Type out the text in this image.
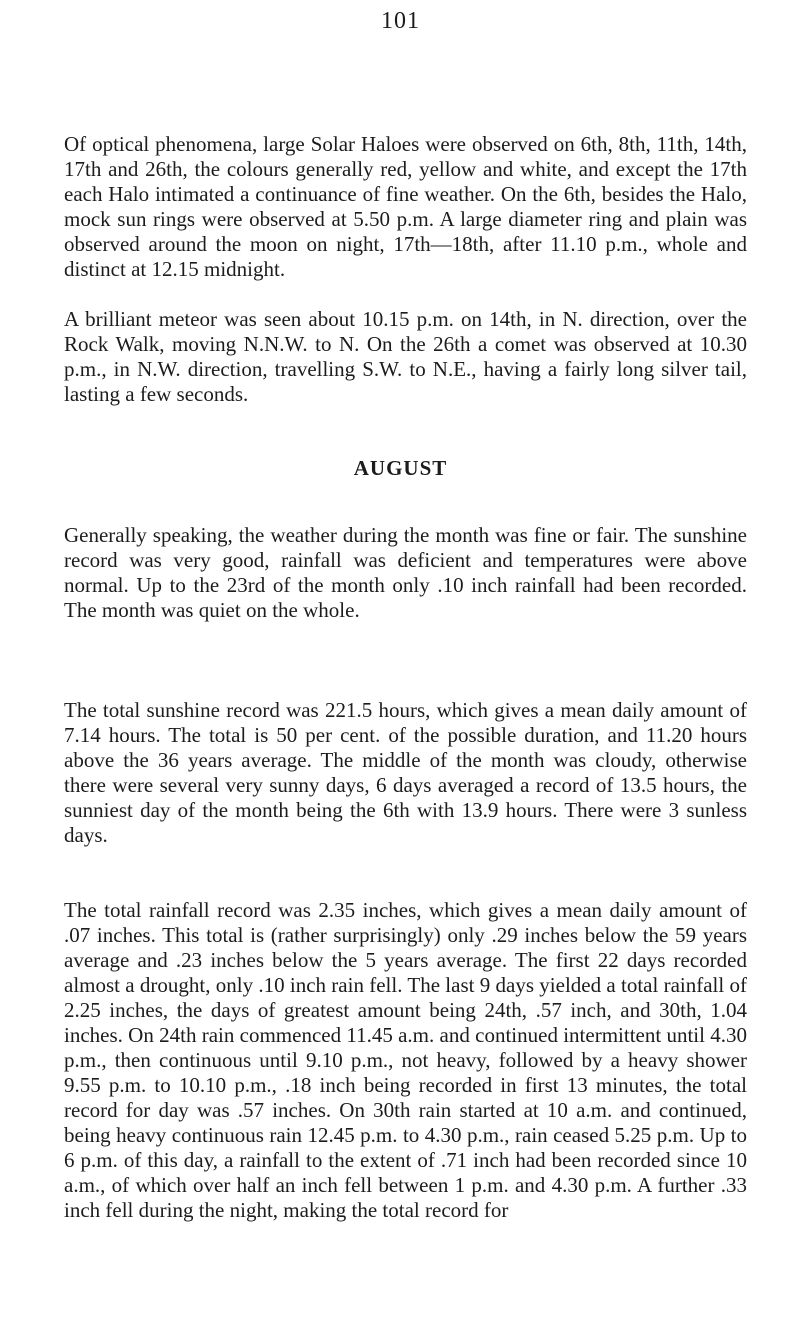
101

Of optical phenomena, large Solar Haloes were observed on 6th, 8th, 11th, 14th, 17th and 26th, the colours generally red, yellow and white, and except the 17th each Halo intimated a continuance of fine weather. On the 6th, besides the Halo, mock sun rings were observed at 5.50 p.m. A large diameter ring and plain was observed around the moon on night, 17th—18th, after 11.10 p.m., whole and distinct at 12.15 midnight.

A brilliant meteor was seen about 10.15 p.m. on 14th, in N. direction, over the Rock Walk, moving N.N.W. to N. On the 26th a comet was observed at 10.30 p.m., in N.W. direction, travelling S.W. to N.E., having a fairly long silver tail, lasting a few seconds.

AUGUST

Generally speaking, the weather during the month was fine or fair. The sunshine record was very good, rainfall was deficient and temperatures were above normal. Up to the 23rd of the month only .10 inch rainfall had been recorded. The month was quiet on the whole.

The total sunshine record was 221.5 hours, which gives a mean daily amount of 7.14 hours. The total is 50 per cent. of the possible duration, and 11.20 hours above the 36 years average. The middle of the month was cloudy, otherwise there were several very sunny days, 6 days averaged a record of 13.5 hours, the sunniest day of the month being the 6th with 13.9 hours. There were 3 sunless days.

The total rainfall record was 2.35 inches, which gives a mean daily amount of .07 inches. This total is (rather surprisingly) only .29 inches below the 59 years average and .23 inches below the 5 years average. The first 22 days recorded almost a drought, only .10 inch rain fell. The last 9 days yielded a total rainfall of 2.25 inches, the days of greatest amount being 24th, .57 inch, and 30th, 1.04 inches. On 24th rain commenced 11.45 a.m. and continued intermittent until 4.30 p.m., then continuous until 9.10 p.m., not heavy, followed by a heavy shower 9.55 p.m. to 10.10 p.m., .18 inch being recorded in first 13 minutes, the total record for day was .57 inches. On 30th rain started at 10 a.m. and continued, being heavy continuous rain 12.45 p.m. to 4.30 p.m., rain ceased 5.25 p.m. Up to 6 p.m. of this day, a rainfall to the extent of .71 inch had been recorded since 10 a.m., of which over half an inch fell between 1 p.m. and 4.30 p.m. A further .33 inch fell during the night, making the total record for
